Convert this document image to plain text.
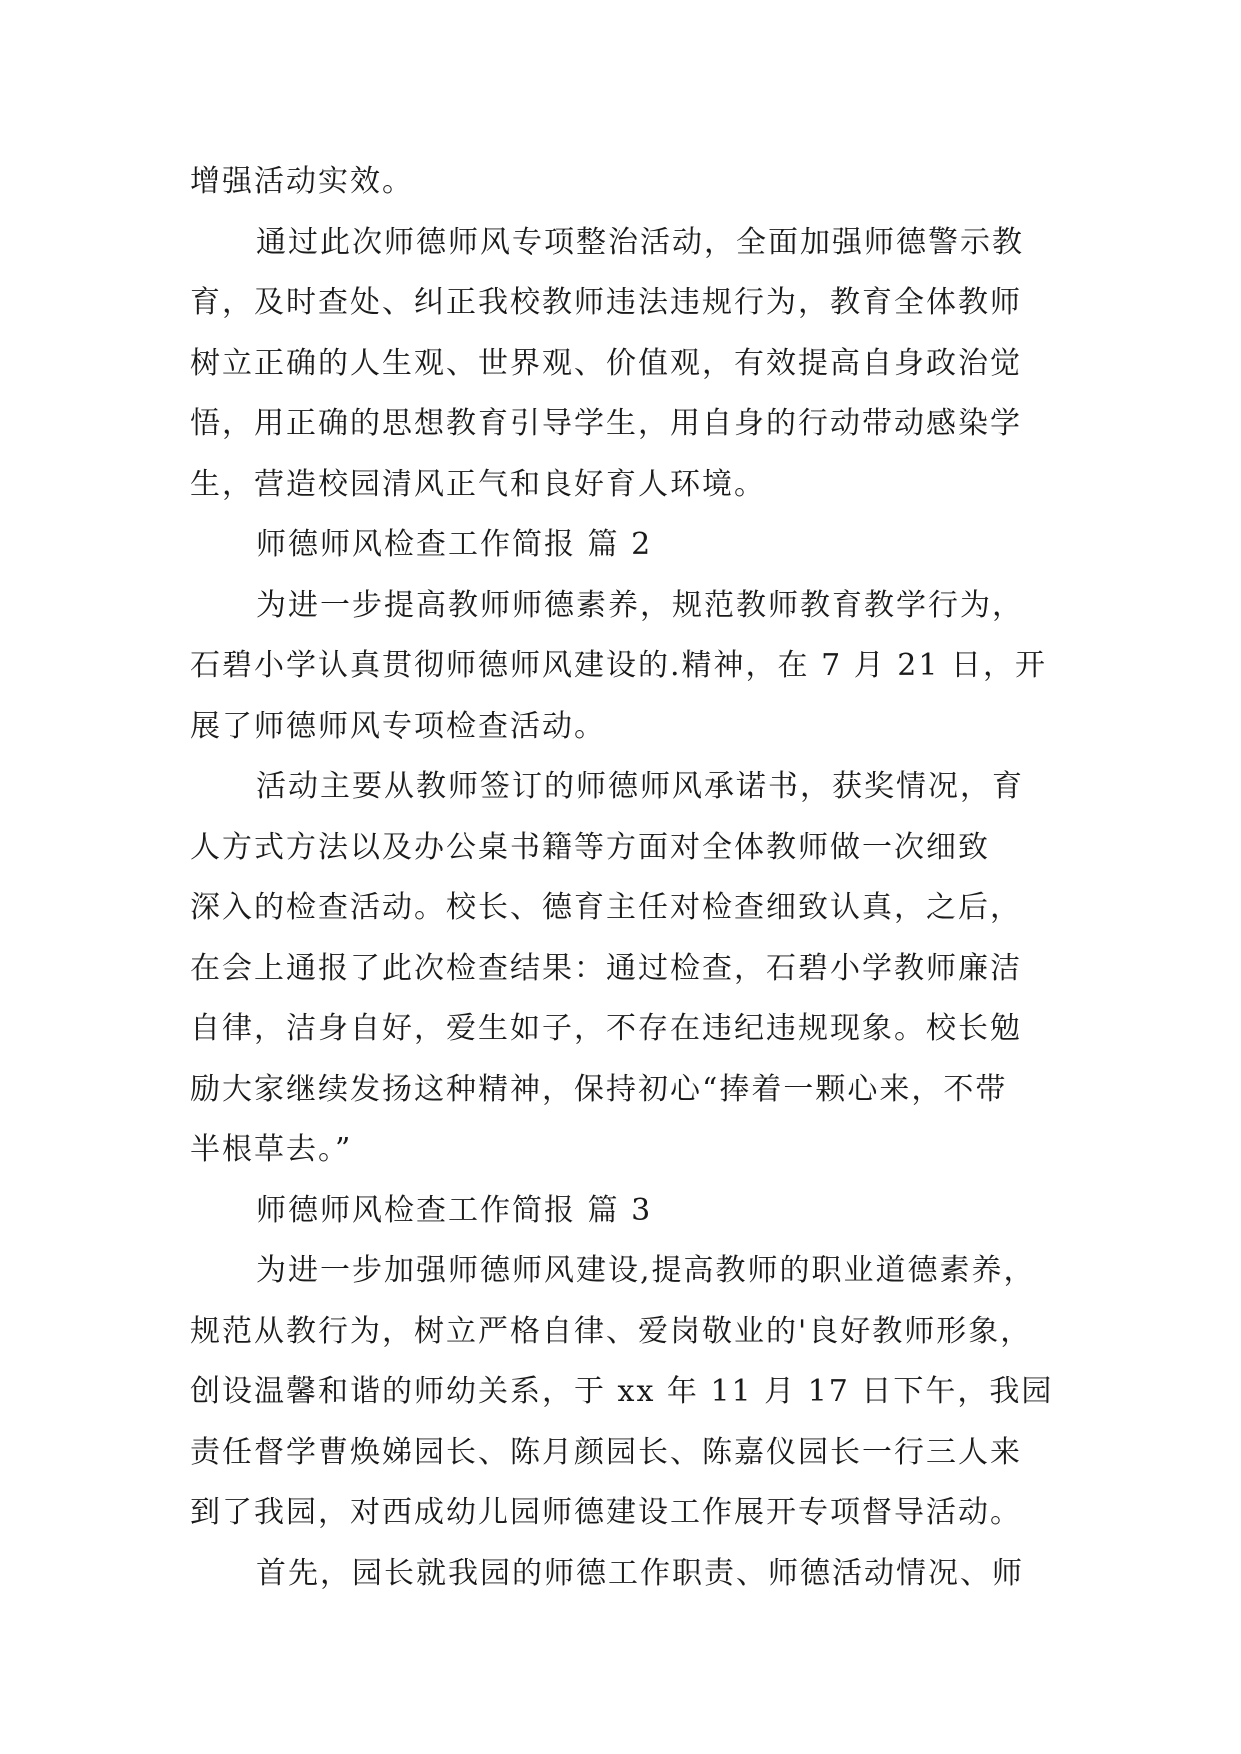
增强活动实效。
通过此次师德师风专项整治活动，全面加强师德警示教
育，及时查处、纠正我校教师违法违规行为，教育全体教师
树立正确的人生观、世界观、价值观，有效提高自身政治觉
悟，用正确的思想教育引导学生，用自身的行动带动感染学
生，营造校园清风正气和良好育人环境。
师德师风检查工作简报 篇 2
为进一步提高教师师德素养，规范教师教育教学行为，
石碧小学认真贯彻师德师风建设的.精神，在 7 月 21 日，开
展了师德师风专项检查活动。
活动主要从教师签订的师德师风承诺书，获奖情况，育
人方式方法以及办公桌书籍等方面对全体教师做一次细致
深入的检查活动。校长、德育主任对检查细致认真，之后，
在会上通报了此次检查结果：通过检查，石碧小学教师廉洁
自律，洁身自好，爱生如子，不存在违纪违规现象。校长勉
励大家继续发扬这种精神，保持初心“捧着一颗心来，不带
半根草去。”
师德师风检查工作简报 篇 3
为进一步加强师德师风建设,提高教师的职业道德素养，
规范从教行为，树立严格自律、爱岗敬业的'良好教师形象，
创设温馨和谐的师幼关系，于 xx 年 11 月 17 日下午，我园
责任督学曹焕娣园长、陈月颜园长、陈嘉仪园长一行三人来
到了我园，对西成幼儿园师德建设工作展开专项督导活动。
首先，园长就我园的师德工作职责、师德活动情况、师
